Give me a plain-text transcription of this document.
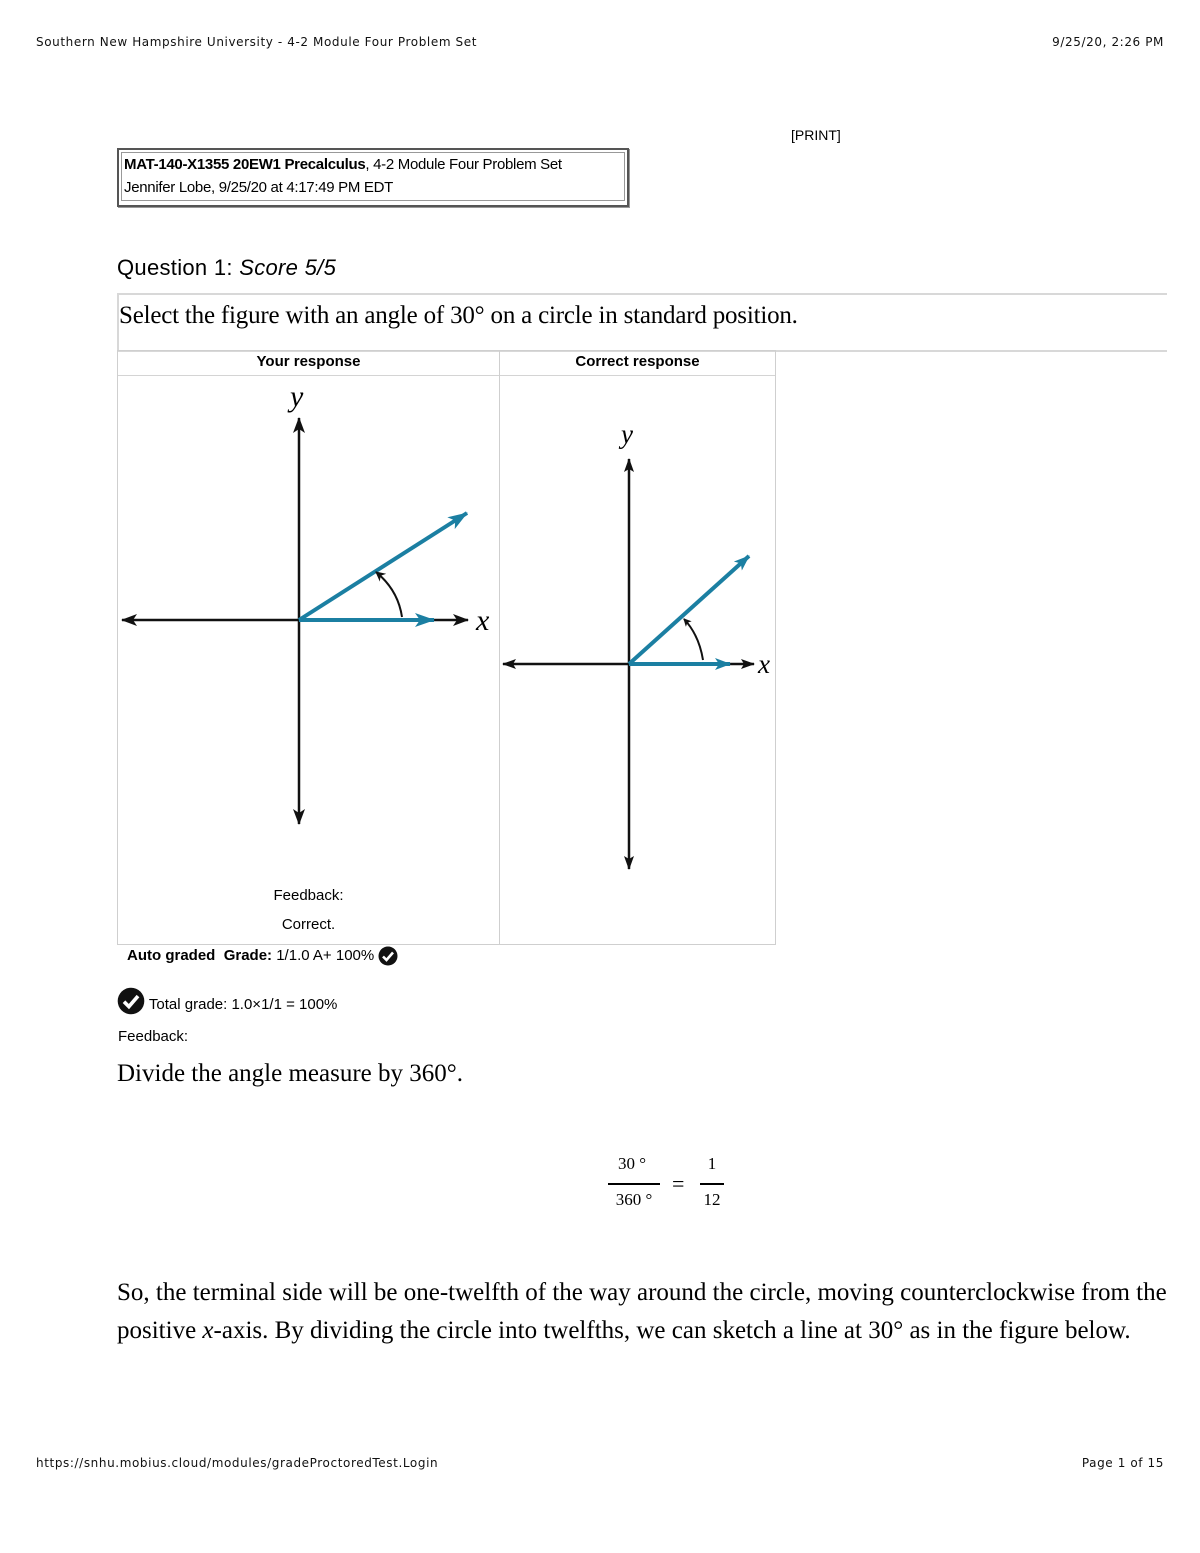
Southern New Hampshire University - 4-2 Module Four Problem Set	9/25/20, 2:26 PM
[PRINT]
MAT-140-X1355 20EW1 Precalculus, 4-2 Module Four Problem Set
Jennifer Lobe, 9/25/20 at 4:17:49 PM EDT
Question 1: Score 5/5
Select the figure with an angle of 30° on a circle in standard position.
Your response
x
y
Feedback:
Correct.
Correct response
x
y
Auto graded Grade: 1/1.0 A+ 100%
Total grade: 1.0×1/1 = 100%
Feedback:
Divide the angle measure by 360°.
30 °
360 °
=
1
12
So, the terminal side will be one-twelfth of the way around the circle, moving counterclockwise from the positive x-axis. By dividing the circle into twelfths, we can sketch a line at 30° as in the figure below.
https://snhu.mobius.cloud/modules/gradeProctoredTest.Login	Page 1 of 15
